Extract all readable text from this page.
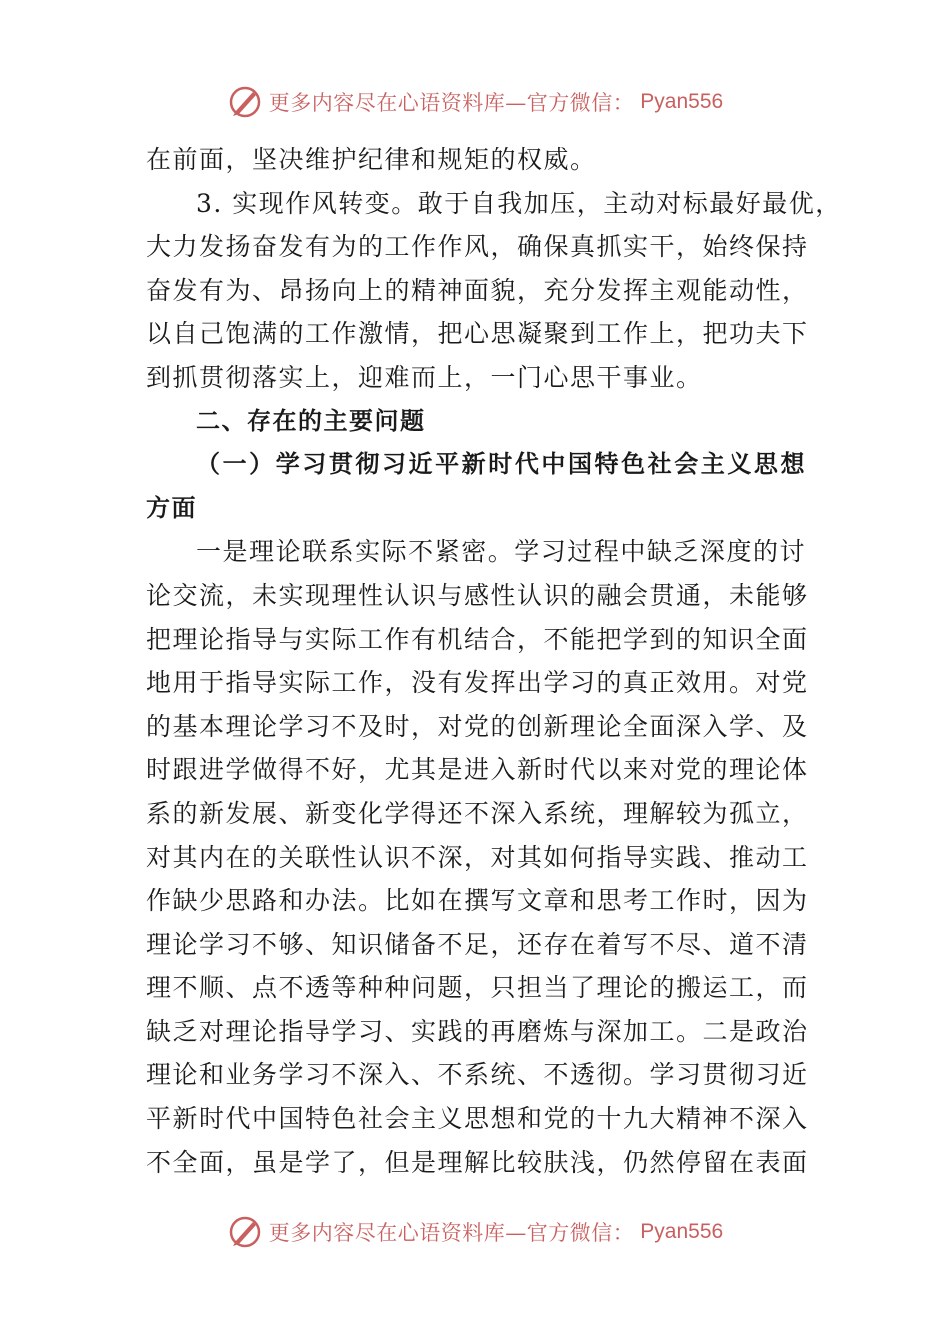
更多内容尽在心语资料库—官方微信： Pyan556
在前面，坚决维护纪律和规矩的权威。
3. 实现作风转变。敢于自我加压，主动对标最好最优，
大力发扬奋发有为的工作作风，确保真抓实干，始终保持
奋发有为、昂扬向上的精神面貌，充分发挥主观能动性，
以自己饱满的工作激情，把心思凝聚到工作上，把功夫下
到抓贯彻落实上，迎难而上，一门心思干事业。
二、存在的主要问题
（一）学习贯彻习近平新时代中国特色社会主义思想
方面
一是理论联系实际不紧密。学习过程中缺乏深度的讨
论交流，未实现理性认识与感性认识的融会贯通，未能够
把理论指导与实际工作有机结合，不能把学到的知识全面
地用于指导实际工作，没有发挥出学习的真正效用。对党
的基本理论学习不及时，对党的创新理论全面深入学、及
时跟进学做得不好，尤其是进入新时代以来对党的理论体
系的新发展、新变化学得还不深入系统，理解较为孤立，
对其内在的关联性认识不深，对其如何指导实践、推动工
作缺少思路和办法。比如在撰写文章和思考工作时，因为
理论学习不够、知识储备不足，还存在着写不尽、道不清
理不顺、点不透等种种问题，只担当了理论的搬运工，而
缺乏对理论指导学习、实践的再磨炼与深加工。二是政治
理论和业务学习不深入、不系统、不透彻。学习贯彻习近
平新时代中国特色社会主义思想和党的十九大精神不深入
不全面，虽是学了，但是理解比较肤浅，仍然停留在表面
更多内容尽在心语资料库—官方微信： Pyan556
